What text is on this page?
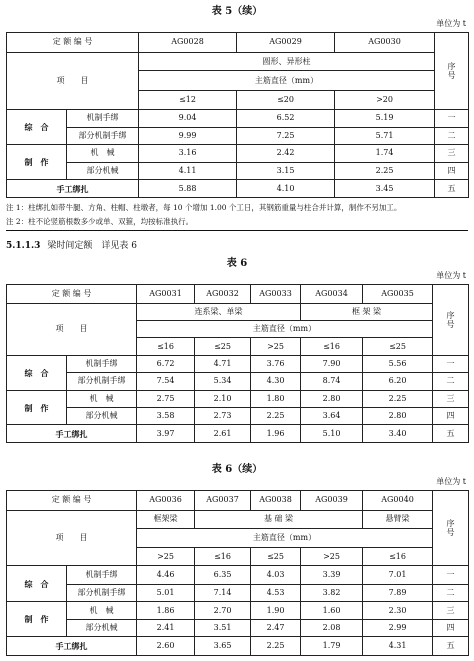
表 5（续）
单位为 t
定 额 编 号		AG0028	AG0029	AG0030	序号
项　　目		圆形、异形柱			
		主筋直径（mm）			
		≤12	≤20	>20	
综　合	机制手绑	9.04	6.52	5.19	一
	部分机制手绑	9.99	7.25	5.71	二
制　作	机　械	3.16	2.42	1.74	三
	部分机械	4.11	3.15	2.25	四
手工绑扎		5.88	4.10	3.45	五
注 1：柱绑扎如带牛腿、方角、柱帽、柱墩者，每 10 个增加 1.00 个工日，其钢筋重量与柱合并计算，制作不另加工。
注 2：柱不论竖筋根数多少或单、双箍，均按标准执行。
5.1.1.3 梁时间定额　详见表 6
表 6
单位为 t
定 额 编 号		AG0031	AG0032	AG0033	AG0034	AG0035	序号
项　　目		连系梁、单梁			框 架 梁		
		主筋直径（mm）					
		≤16	≤25	>25	≤16	≤25	
综　合	机制手绑	6.72	4.71	3.76	7.90	5.56	一
	部分机制手绑	7.54	5.34	4.30	8.74	6.20	二
制　作	机　械	2.75	2.10	1.80	2.80	2.25	三
	部分机械	3.58	2.73	2.25	3.64	2.80	四
手工绑扎		3.97	2.61	1.96	5.10	3.40	五
表 6（续）
单位为 t
定 额 编 号		AG0036	AG0037	AG0038	AG0039	AG0040	序号
项　　目		框架梁	基 础 梁			悬臂梁	
		主筋直径（mm）					
		>25	≤16	≤25	>25	≤16	
综　合	机制手绑	4.46	6.35	4.03	3.39	7.01	一
	部分机制手绑	5.01	7.14	4.53	3.82	7.89	二
制　作	机　械	1.86	2.70	1.90	1.60	2.30	三
	部分机械	2.41	3.51	2.47	2.08	2.99	四
手工绑扎		2.60	3.65	2.25	1.79	4.31	五
